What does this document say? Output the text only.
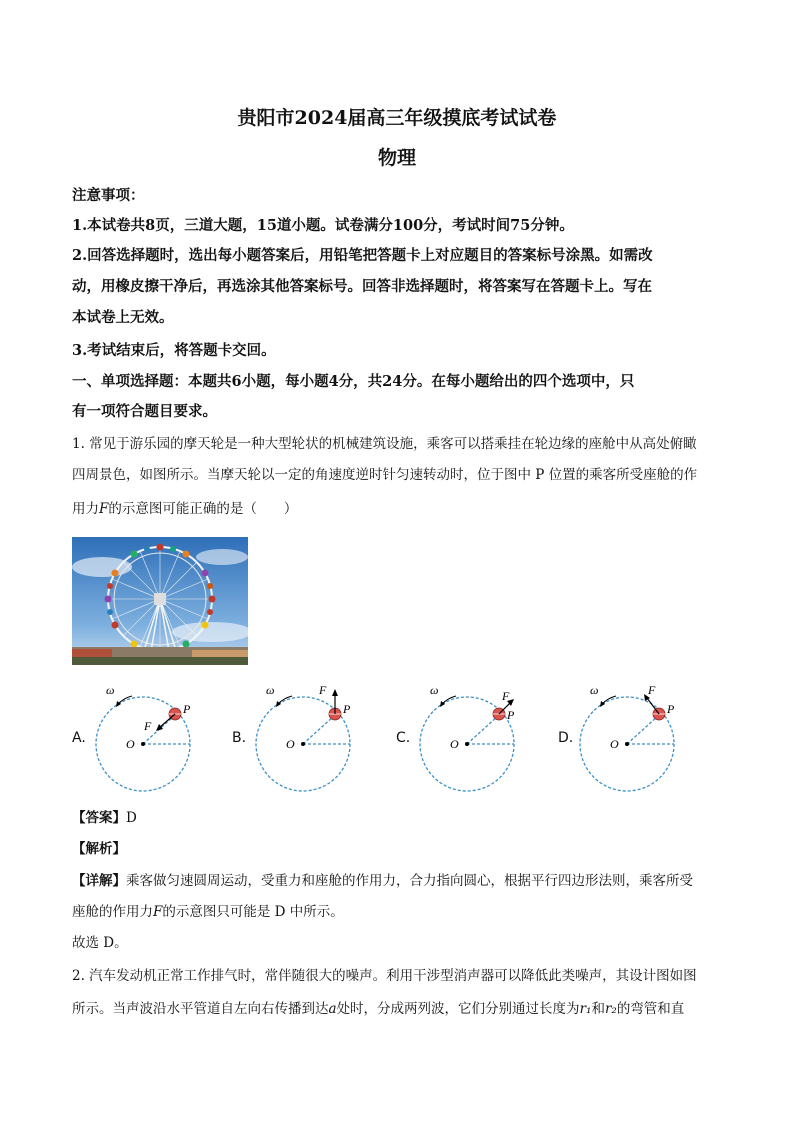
贵阳市2024届高三年级摸底考试试卷
物理
注意事项：
1.本试卷共8页，三道大题，15道小题。试卷满分100分，考试时间75分钟。
2.回答选择题时，选出每小题答案后，用铅笔把答题卡上对应题目的答案标号涂黑。如需改
动，用橡皮擦干净后，再选涂其他答案标号。回答非选择题时，将答案写在答题卡上。写在
本试卷上无效。
3.考试结束后，将答题卡交回。
一、单项选择题：本题共6小题，每小题4分，共24分。在每小题给出的四个选项中，只
有一项符合题目要求。
1. 常见于游乐园的摩天轮是一种大型轮状的机械建筑设施，乘客可以搭乘挂在轮边缘的座舱中从高处俯瞰
四周景色，如图所示。当摩天轮以一定的角速度逆时针匀速转动时，位于图中 P 位置的乘客所受座舱的作
用力F的示意图可能正确的是（　　）
A.	B.	C.	D.
O
P
F
ω
O
P
F
ω
O
P
F
ω
O
P
F
ω
【答案】D
【解析】
【详解】乘客做匀速圆周运动，受重力和座舱的作用力，合力指向圆心，根据平行四边形法则，乘客所受
座舱的作用力F的示意图只可能是 D 中所示。
故选 D。
2. 汽车发动机正常工作排气时，常伴随很大的噪声。利用干涉型消声器可以降低此类噪声，其设计图如图
所示。当声波沿水平管道自左向右传播到达a处时，分成两列波，它们分别通过长度为r₁和r₂的弯管和直
